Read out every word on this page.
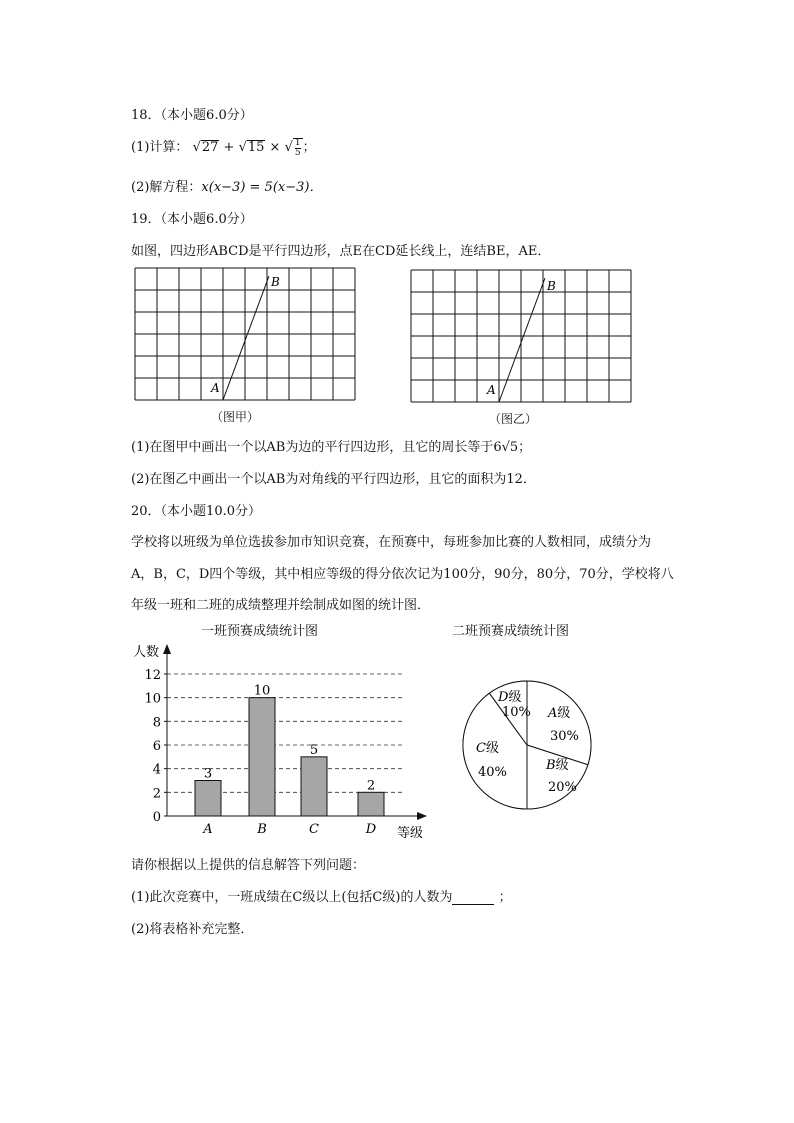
18．（本小题6.0分）
(1)计算： √27 + √15 × √ $\frac{1}{5}$ ；
(2)解方程：x(x−3) = 5(x−3)．
19．（本小题6.0分）
如图，四边形ABCD是平行四边形，点E在CD延长线上，连结BE，AE．
A
B
（图甲）
A
B
（图乙）
(1)在图甲中画出一个以AB为边的平行四边形，且它的周长等于6√5；
(2)在图乙中画出一个以AB为对角线的平行四边形，且它的面积为12．
20．（本小题10.0分）
学校将以班级为单位选拔参加市知识竞赛，在预赛中，每班参加比赛的人数相同，成绩分为
A，B，C，D四个等级，其中相应等级的得分依次记为100分，90分，80分，70分，学校将八
年级一班和二班的成绩整理并绘制成如图的统计图．
一班预赛成绩统计图
0
2
4
6
8
10
12
A	B	C	D
3
10
5
2
人数
等级
二班预赛成绩统计图
A级
30%
B级
20%
C级
40%
D级
10%
请你根据以上提供的信息解答下列问题：
(1)此次竞赛中，一班成绩在C级以上(包括C级)的人数为	；
(2)将表格补充完整．
